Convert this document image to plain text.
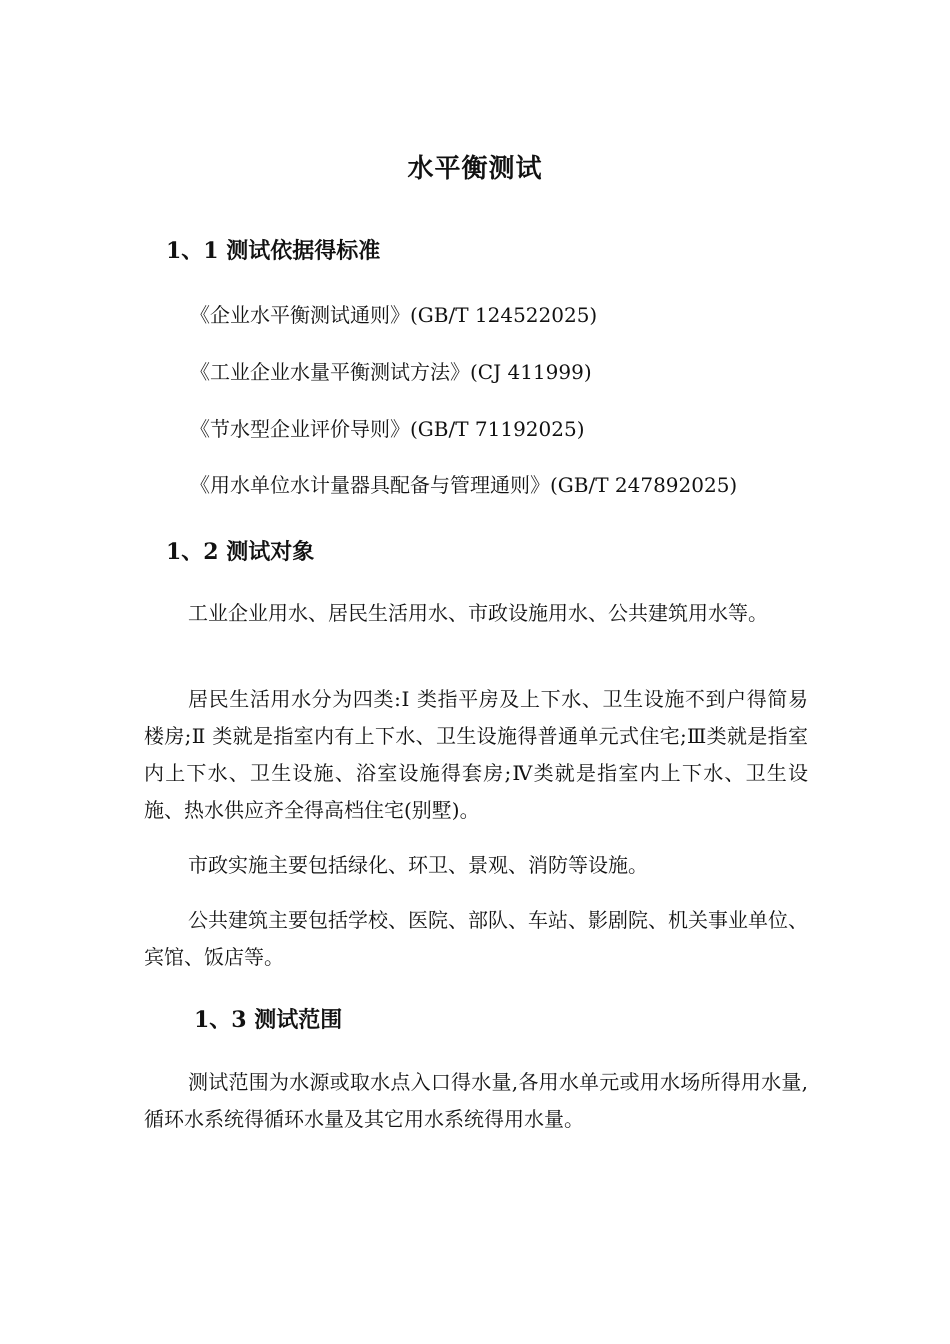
水平衡测试
1、1 测试依据得标准
《企业水平衡测试通则》(GB/T 124522025)
《工业企业水量平衡测试方法》(CJ 411999)
《节水型企业评价导则》(GB/T 71192025)
《用水单位水计量器具配备与管理通则》(GB/T 247892025)
1、2 测试对象
工业企业用水、居民生活用水、市政设施用水、公共建筑用水等。
居民生活用水分为四类:Ⅰ 类指平房及上下水、卫生设施不到户得简易楼房;Ⅱ 类就是指室内有上下水、卫生设施得普通单元式住宅;Ⅲ类就是指室内上下水、卫生设施、浴室设施得套房;Ⅳ类就是指室内上下水、卫生设施、热水供应齐全得高档住宅(别墅)。
市政实施主要包括绿化、环卫、景观、消防等设施。
公共建筑主要包括学校、医院、部队、车站、影剧院、机关事业单位、宾馆、饭店等。
1、3 测试范围
测试范围为水源或取水点入口得水量,各用水单元或用水场所得用水量,循环水系统得循环水量及其它用水系统得用水量。
